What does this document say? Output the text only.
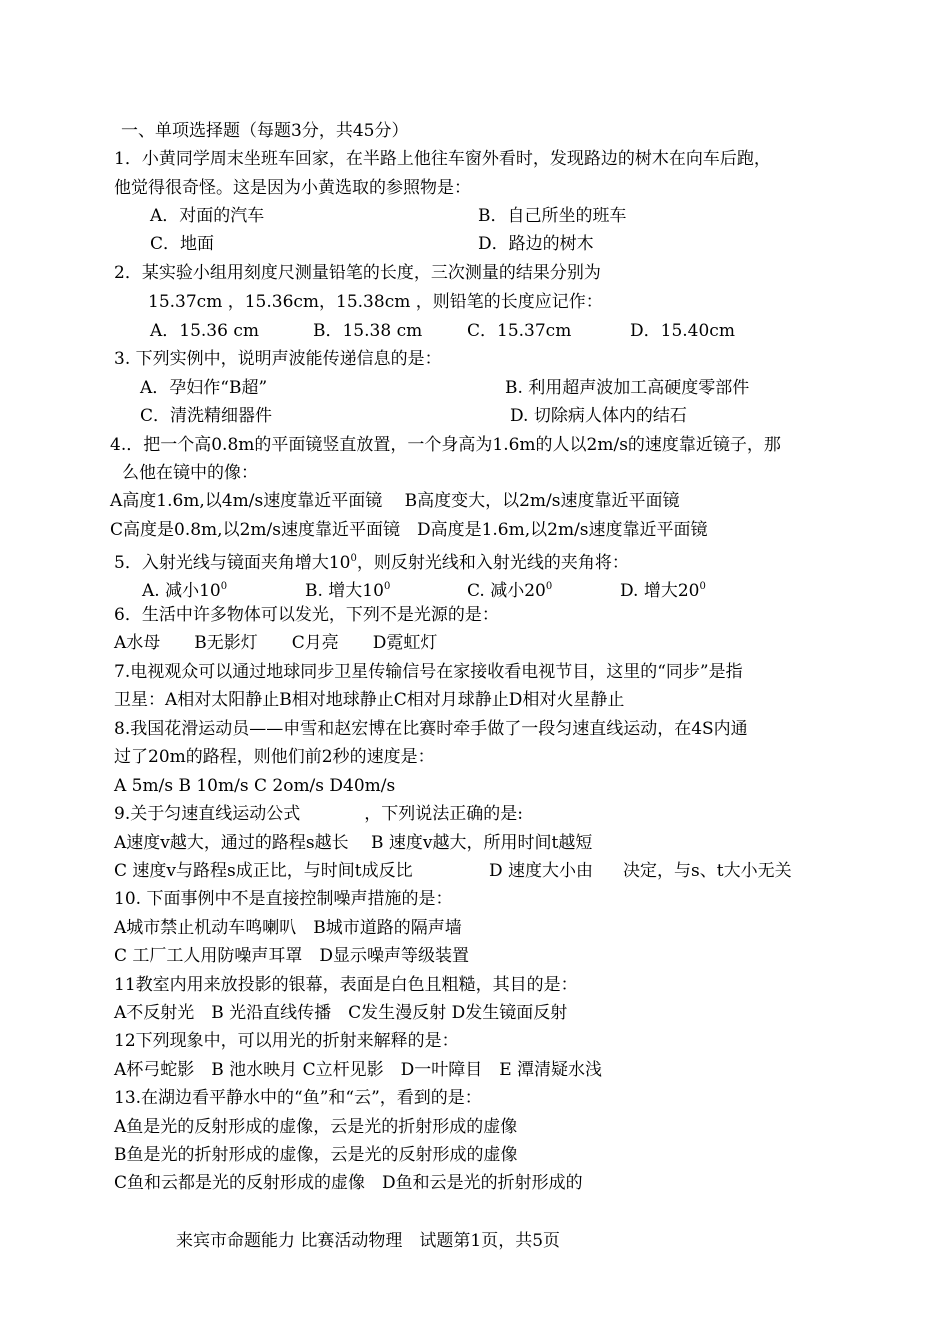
一、单项选择题（每题3分，共45分）
1．小黄同学周末坐班车回家，在半路上他往车窗外看时，发现路边的树木在向车后跑，
他觉得很奇怪。这是因为小黄选取的参照物是：
A．对面的汽车	B．自己所坐的班车
C．地面	D．路边的树木
2．某实验小组用刻度尺测量铅笔的长度，三次测量的结果分别为
15.37cm ，15.36cm，15.38cm ，则铅笔的长度应记作：
A．15.36 cm	B．15.38 cm	C．15.37cm	D．15.40cm
3. 下列实例中，说明声波能传递信息的是：
A．孕妇作“B超”	B. 利用超声波加工高硬度零部件
C．清洗精细器件	D. 切除病人体内的结石
4.．把一个高0.8m的平面镜竖直放置，一个身高为1.6m的人以2m/s的速度靠近镜子，那
么他在镜中的像：
A高度1.6m,以4m/s速度靠近平面镜　 B高度变大，以2m/s速度靠近平面镜
C高度是0.8m,以2m/s速度靠近平面镜　D高度是1.6m,以2m/s速度靠近平面镜
5．入射光线与镜面夹角增大$10^0$，则反射光线和入射光线的夹角将：
A. 减小$10^0$	B. 增大$10^0$	C. 减小$20^0$	D. 增大$20^0$
6．生活中许多物体可以发光，下列不是光源的是：
A水母　　B无影灯　　C月亮　　D霓虹灯
7.电视观众可以通过地球同步卫星传输信号在家接收看电视节目，这里的“同步”是指
卫星：A相对太阳静止B相对地球静止C相对月球静止D相对火星静止
8.我国花滑运动员——申雪和赵宏博在比赛时牵手做了一段匀速直线运动，在4S内通
过了20m的路程，则他们前2秒的速度是：
A 5m/s B 10m/s C 2om/s D40m/s
9.关于匀速直线运动公式	，下列说法正确的是:
A速度v越大，通过的路程s越长　 B 速度v越大，所用时间t越短
C 速度v与路程s成正比，与时间t成反比	D 速度大小由 决定，与s、t大小无关
10. 下面事例中不是直接控制噪声措施的是：
A城市禁止机动车鸣喇叭　B城市道路的隔声墙
C 工厂工人用防噪声耳罩　D显示噪声等级装置
11教室内用来放投影的银幕，表面是白色且粗糙，其目的是：
A不反射光　B 光沿直线传播　C发生漫反射 D发生镜面反射
12下列现象中，可以用光的折射来解释的是：
A杯弓蛇影　B 池水映月 C立杆见影　D一叶障目　E 潭清疑水浅
13.在湖边看平静水中的“鱼”和“云”，看到的是：
A鱼是光的反射形成的虚像，云是光的折射形成的虚像
B鱼是光的折射形成的虚像，云是光的反射形成的虚像
C鱼和云都是光的反射形成的虚像　D鱼和云是光的折射形成的
来宾市命题能力 比赛活动物理　试题第1页，共5页
